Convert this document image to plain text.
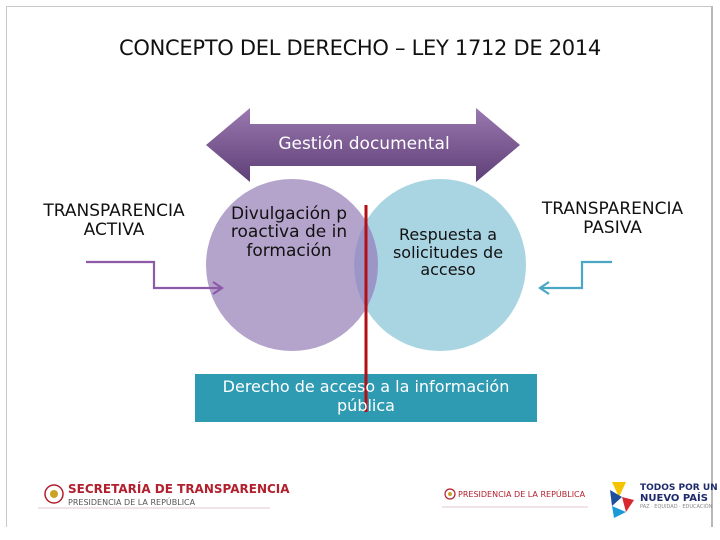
CONCEPTO DEL DERECHO – LEY 1712 DE 2014
Gestión documental
TRANSPARENCIA ACTIVA
TRANSPARENCIA PASIVA
Divulgación proactiva de información
Respuesta a solicitudes de acceso
Derecho de acceso a la información pública
SECRETARÍA DE TRANSPARENCIA
PRESIDENCIA DE LA REPÚBLICA
PRESIDENCIA DE LA REPÚBLICA
TODOS POR UN
NUEVO PAÍS
PAZ · EQUIDAD · EDUCACIÓN
